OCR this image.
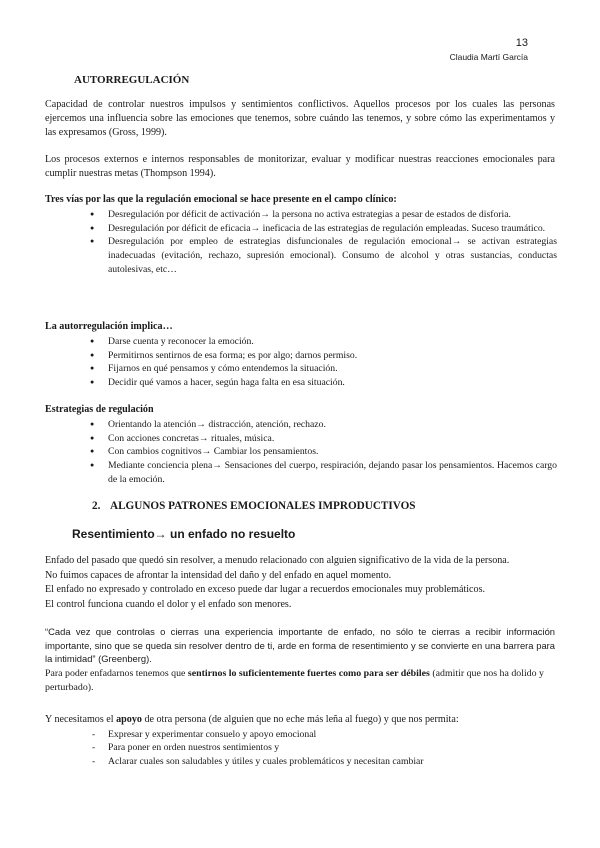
13
Claudia Martí García
AUTORREGULACIÓN

Capacidad de controlar nuestros impulsos y sentimientos conflictivos. Aquellos procesos por los cuales las personas ejercemos una influencia sobre las emociones que tenemos, sobre cuándo las tenemos, y sobre cómo las experimentamos y las expresamos (Gross, 1999).

Los procesos externos e internos responsables de monitorizar, evaluar y modificar nuestras reacciones emocionales para cumplir nuestras metas (Thompson 1994).

Tres vías por las que la regulación emocional se hace presente en el campo clínico:
● Desregulación por déficit de activación→ la persona no activa estrategias a pesar de estados de disforia.
● Desregulación por déficit de eficacia→ ineficacia de las estrategias de regulación empleadas. Suceso traumático.
● Desregulación por empleo de estrategias disfuncionales de regulación emocional→ se activan estrategias inadecuadas (evitación, rechazo, supresión emocional). Consumo de alcohol y otras sustancias, conductas autolesivas, etc…
La autorregulación implica…
● Darse cuenta y reconocer la emoción.
● Permitirnos sentirnos de esa forma; es por algo; darnos permiso.
● Fijarnos en qué pensamos y cómo entendemos la situación.
● Decidir qué vamos a hacer, según haga falta en esa situación.
Estrategias de regulación
● Orientando la atención→ distracción, atención, rechazo.
● Con acciones concretas→ rituales, música.
● Con cambios cognitivos→ Cambiar los pensamientos.
● Mediante conciencia plena→ Sensaciones del cuerpo, respiración, dejando pasar los pensamientos. Hacemos cargo de la emoción.
2. ALGUNOS PATRONES EMOCIONALES IMPRODUCTIVOS
Resentimiento→ un enfado no resuelto
Enfado del pasado que quedó sin resolver, a menudo relacionado con alguien significativo de la vida de la persona.
No fuimos capaces de afrontar la intensidad del daño y del enfado en aquel momento.
El enfado no expresado y controlado en exceso puede dar lugar a recuerdos emocionales muy problemáticos.
El control funciona cuando el dolor y el enfado son menores.

“Cada vez que controlas o cierras una experiencia importante de enfado, no sólo te cierras a recibir información importante, sino que se queda sin resolver dentro de ti, arde en forma de resentimiento y se convierte en una barrera para la intimidad” (Greenberg).

Para poder enfadarnos tenemos que sentirnos lo suficientemente fuertes como para ser débiles (admitir que nos ha dolido y perturbado).

Y necesitamos el apoyo de otra persona (de alguien que no eche más leña al fuego) y que nos permita:

- Expresar y experimentar consuelo y apoyo emocional
- Para poner en orden nuestros sentimientos y
- Aclarar cuales son saludables y útiles y cuales problemáticos y necesitan cambiar
